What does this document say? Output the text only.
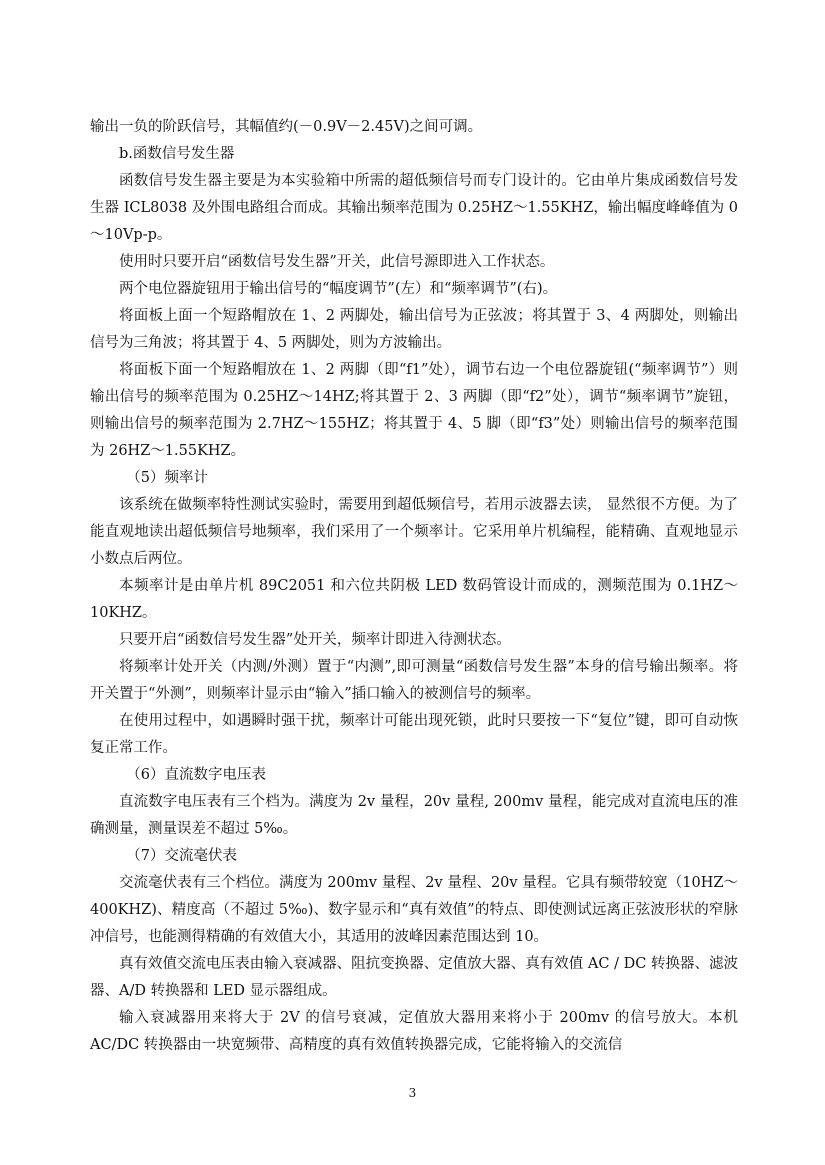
输出一负的阶跃信号，其幅值约(－0.9V－2.45V)之间可调。

b.函数信号发生器

函数信号发生器主要是为本实验箱中所需的超低频信号而专门设计的。它由单片集成函数信号发生器 ICL8038 及外围电路组合而成。其输出频率范围为 0.25HZ～1.55KHZ，输出幅度峰峰值为 0～10Vp-p。

使用时只要开启“函数信号发生器”开关，此信号源即进入工作状态。

两个电位器旋钮用于输出信号的“幅度调节”(左）和“频率调节”(右)。

将面板上面一个短路帽放在 1、2 两脚处，输出信号为正弦波；将其置于 3、4 两脚处，则输出信号为三角波；将其置于 4、5 两脚处，则为方波输出。

将面板下面一个短路帽放在 1、2 两脚（即“f1”处），调节右边一个电位器旋钮(“频率调节”）则输出信号的频率范围为 0.25HZ～14HZ;将其置于 2、3 两脚（即“f2”处），调节“频率调节”旋钮，则输出信号的频率范围为 2.7HZ～155HZ；将其置于 4、5 脚（即“f3”处）则输出信号的频率范围为 26HZ～1.55KHZ。

（5）频率计

该系统在做频率特性测试实验时，需要用到超低频信号，若用示波器去读， 显然很不方便。为了能直观地读出超低频信号地频率，我们采用了一个频率计。它采用单片机编程，能精确、直观地显示小数点后两位。

本频率计是由单片机 89C2051 和六位共阴极 LED 数码管设计而成的，测频范围为 0.1HZ～10KHZ。

只要开启“函数信号发生器”处开关，频率计即进入待测状态。

将频率计处开关（内测/外测）置于“内测”,即可测量“函数信号发生器”本身的信号输出频率。将开关置于“外测”，则频率计显示由“输入”插口输入的被测信号的频率。

在使用过程中，如遇瞬时强干扰，频率计可能出现死锁，此时只要按一下“复位”键，即可自动恢复正常工作。

（6）直流数字电压表

直流数字电压表有三个档为。满度为 2v 量程，20v 量程, 200mv 量程，能完成对直流电压的准确测量，测量误差不超过 5‰。

（7）交流毫伏表

交流毫伏表有三个档位。满度为 200mv 量程、2v 量程、20v 量程。它具有频带较宽（10HZ～400KHZ)、精度高（不超过 5‰)、数字显示和“真有效值”的特点、即使测试远离正弦波形状的窄脉冲信号，也能测得精确的有效值大小，其适用的波峰因素范围达到 10。

真有效值交流电压表由输入衰减器、阻抗变换器、定值放大器、真有效值 AC / DC 转换器、滤波器、A/D 转换器和 LED 显示器组成。

输入衰减器用来将大于 2V 的信号衰减，定值放大器用来将小于 200mv 的信号放大。本机 AC/DC 转换器由一块宽频带、高精度的真有效值转换器完成，它能将输入的交流信

3
